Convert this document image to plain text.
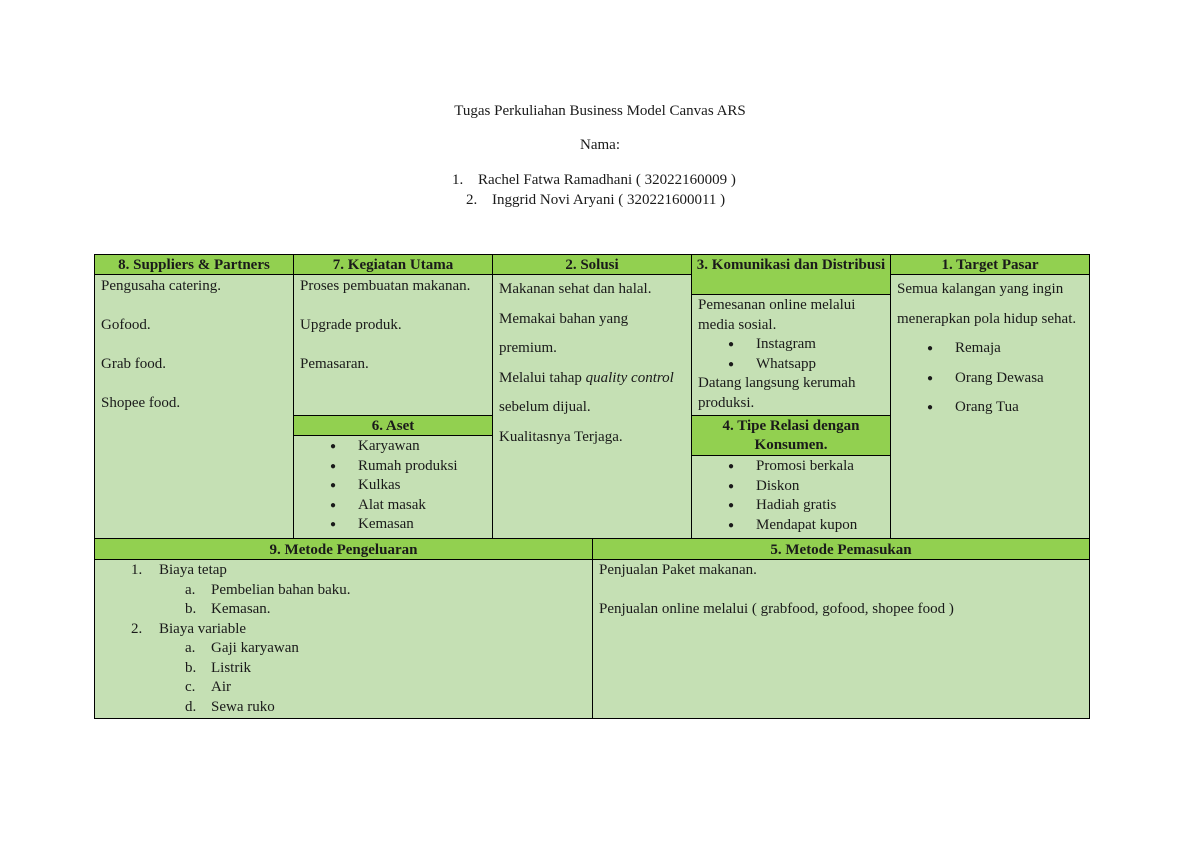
Tugas Perkuliahan Business Model Canvas ARS
Nama:
1. Rachel Fatwa Ramadhani ( 32022160009 )
2. Inggrid Novi Aryani ( 320221600011 )
8. Suppliers & Partners

Pengusaha catering.

Gofood.

Grab food.

Shopee food.

7. Kegiatan Utama

Proses pembuatan makanan.

Upgrade produk.

Pemasaran.

6. Aset
● Karyawan
● Rumah produksi
● Kulkas
● Alat masak
● Kemasan
2. Solusi

Makanan sehat dan halal.

Memakai bahan yang premium.

Melalui tahap quality control sebelum dijual.

Kualitasnya Terjaga.

3. Komunikasi dan Distribusi

Pemesanan online melalui media sosial.

● Instagram
● Whatsapp

Datang langsung kerumah produksi.

4. Tipe Relasi dengan Konsumen.
● Promosi berkala
● Diskon
● Hadiah gratis
● Mendapat kupon
1. Target Pasar

Semua kalangan yang ingin menerapkan pola hidup sehat.

● Remaja
● Orang Dewasa
● Orang Tua
9. Metode Pengeluaran
1. Biaya tetap
a. Pembelian bahan baku.
b. Kemasan.
2. Biaya variable
a. Gaji karyawan
b. Listrik
c. Air
d. Sewa ruko
5. Metode Pemasukan

Penjualan Paket makanan.

Penjualan online melalui ( grabfood, gofood, shopee food )
